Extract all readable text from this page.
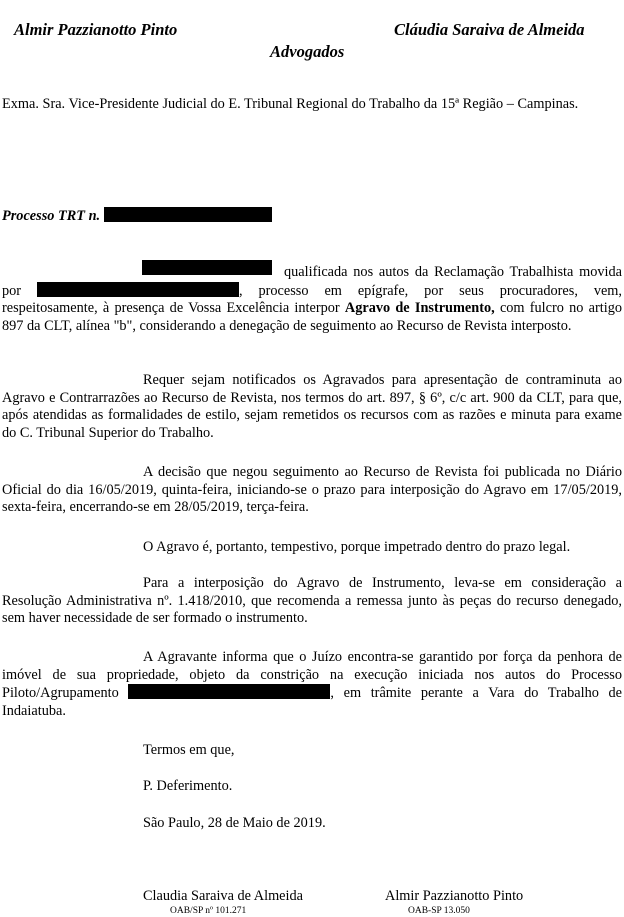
Almir Pazzianotto Pinto	Cláudia Saraiva de Almeida
Advogados
Exma. Sra. Vice-Presidente Judicial do E. Tribunal Regional do Trabalho da 15ª Região – Campinas.
Processo TRT n.
qualificada nos autos da Reclamação Trabalhista movida por	, processo em epígrafe, por seus procuradores, vem, respeitosamente, à presença de Vossa Excelência interpor Agravo de Instrumento, com fulcro no artigo 897 da CLT, alínea "b", considerando a denegação de seguimento ao Recurso de Revista interposto.
Requer sejam notificados os Agravados para apresentação de contraminuta ao Agravo e Contrarrazões ao Recurso de Revista, nos termos do art. 897, § 6º, c/c art. 900 da CLT, para que, após atendidas as formalidades de estilo, sejam remetidos os recursos com as razões e minuta para exame do C. Tribunal Superior do Trabalho.
A decisão que negou seguimento ao Recurso de Revista foi publicada no Diário Oficial do dia 16/05/2019, quinta-feira, iniciando-se o prazo para interposição do Agravo em 17/05/2019, sexta-feira, encerrando-se em 28/05/2019, terça-feira.
O Agravo é, portanto, tempestivo, porque impetrado dentro do prazo legal.
Para a interposição do Agravo de Instrumento, leva-se em consideração a Resolução Administrativa nº. 1.418/2010, que recomenda a remessa junto às peças do recurso denegado, sem haver necessidade de ser formado o instrumento.
A Agravante informa que o Juízo encontra-se garantido por força da penhora de imóvel de sua propriedade, objeto da constrição na execução iniciada nos autos do Processo Piloto/Agrupamento	, em trâmite perante a Vara do Trabalho de Indaiatuba.
Termos em que,
P. Deferimento.
São Paulo, 28 de Maio de 2019.
Claudia Saraiva de Almeida
OAB/SP nº 101.271
Almir Pazzianotto Pinto
OAB-SP 13.050
